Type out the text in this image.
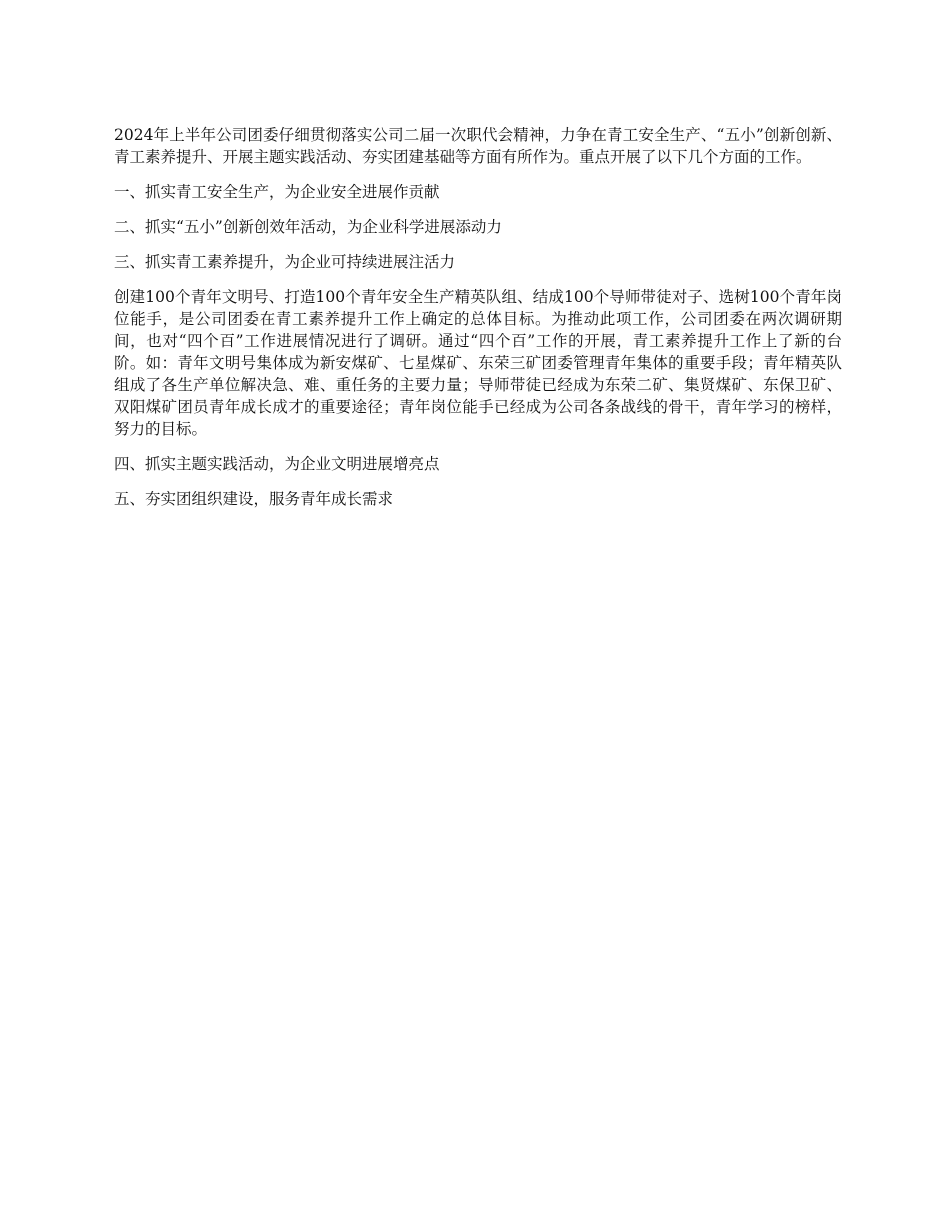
2024年上半年公司团委仔细贯彻落实公司二届一次职代会精神，力争在青工安全生产、“五小”创新创新、青工素养提升、开展主题实践活动、夯实团建基础等方面有所作为。重点开展了以下几个方面的工作。

一、抓实青工安全生产，为企业安全进展作贡献

二、抓实“五小”创新创效年活动，为企业科学进展添动力

三、抓实青工素养提升，为企业可持续进展注活力

创建100个青年文明号、打造100个青年安全生产精英队组、结成100个导师带徒对子、选树100个青年岗位能手，是公司团委在青工素养提升工作上确定的总体目标。为推动此项工作，公司团委在两次调研期间，也对“四个百”工作进展情况进行了调研。通过“四个百”工作的开展，青工素养提升工作上了新的台阶。如：青年文明号集体成为新安煤矿、七星煤矿、东荣三矿团委管理青年集体的重要手段；青年精英队组成了各生产单位解决急、难、重任务的主要力量；导师带徒已经成为东荣二矿、集贤煤矿、东保卫矿、双阳煤矿团员青年成长成才的重要途径；青年岗位能手已经成为公司各条战线的骨干，青年学习的榜样，努力的目标。

四、抓实主题实践活动，为企业文明进展增亮点

五、夯实团组织建设，服务青年成长需求
